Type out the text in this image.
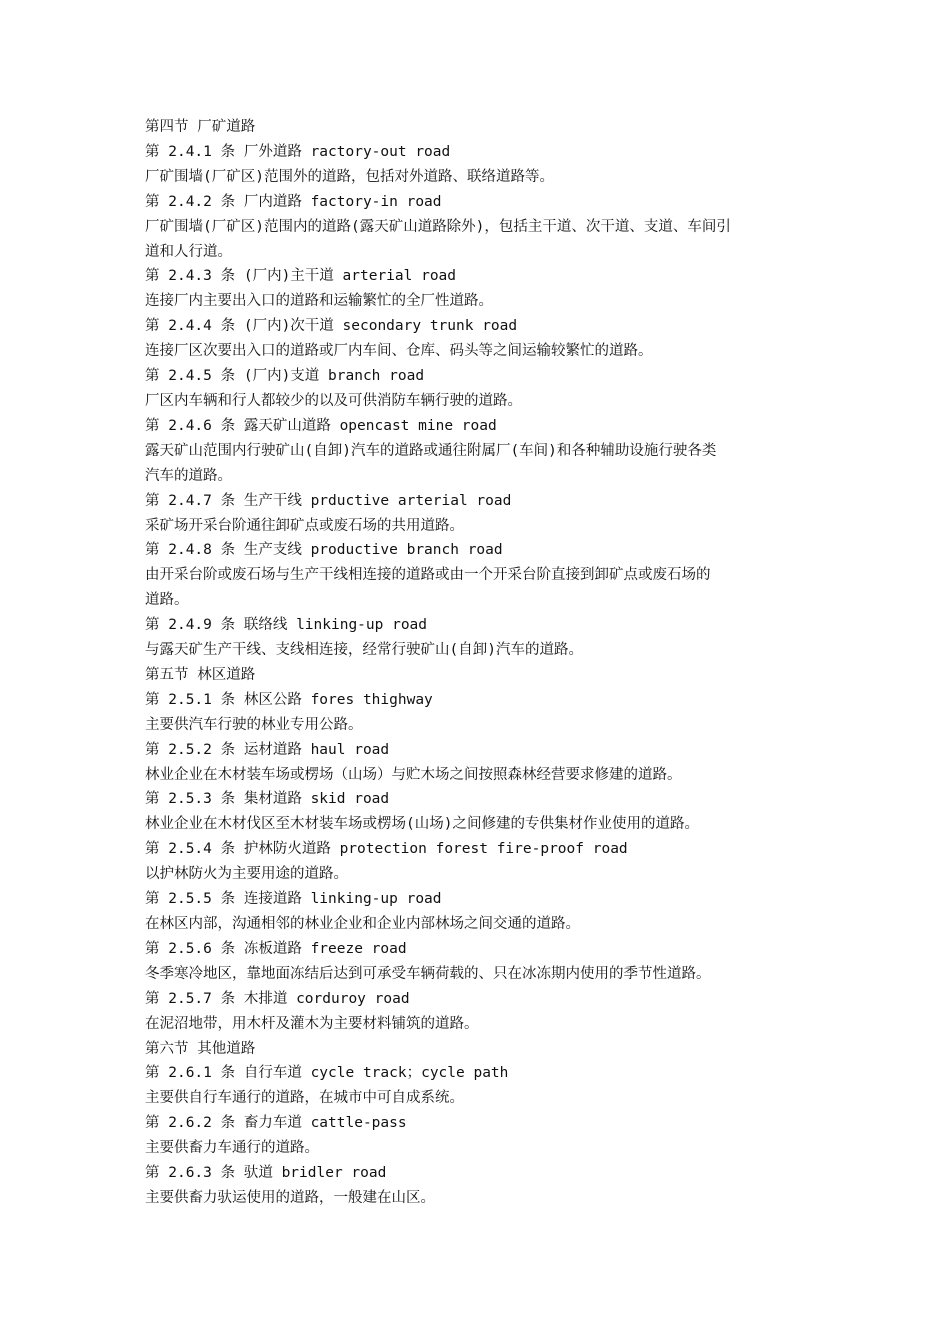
第四节 厂矿道路

第 2.4.1 条 厂外道路 ractory-out road

厂矿围墙(厂矿区)范围外的道路，包括对外道路、联络道路等。

第 2.4.2 条 厂内道路 factory-in road

厂矿围墙(厂矿区)范围内的道路(露天矿山道路除外)，包括主干道、次干道、支道、车间引

道和人行道。

第 2.4.3 条 (厂内)主干道 arterial road

连接厂内主要出入口的道路和运输繁忙的全厂性道路。

第 2.4.4 条 (厂内)次干道 secondary trunk road

连接厂区次要出入口的道路或厂内车间、仓库、码头等之间运输较繁忙的道路。

第 2.4.5 条 (厂内)支道 branch road

厂区内车辆和行人都较少的以及可供消防车辆行驶的道路。

第 2.4.6 条 露天矿山道路 opencast mine road

露天矿山范围内行驶矿山(自卸)汽车的道路或通往附属厂(车间)和各种辅助设施行驶各类

汽车的道路。

第 2.4.7 条 生产干线 prductive arterial road

采矿场开采台阶通往卸矿点或废石场的共用道路。

第 2.4.8 条 生产支线 productive branch road

由开采台阶或废石场与生产干线相连接的道路或由一个开采台阶直接到卸矿点或废石场的

道路。

第 2.4.9 条 联络线 linking-up road

与露天矿生产干线、支线相连接，经常行驶矿山(自卸)汽车的道路。

第五节 林区道路

第 2.5.1 条 林区公路 fores thighway

主要供汽车行驶的林业专用公路。

第 2.5.2 条 运材道路 haul road

林业企业在木材装车场或楞场（山场）与贮木场之间按照森林经营要求修建的道路。

第 2.5.3 条 集材道路 skid road

林业企业在木材伐区至木材装车场或楞场(山场)之间修建的专供集材作业使用的道路。

第 2.5.4 条 护林防火道路 protection forest fire-proof road

以护林防火为主要用途的道路。

第 2.5.5 条 连接道路 linking-up road

在林区内部，沟通相邻的林业企业和企业内部林场之间交通的道路。

第 2.5.6 条 冻板道路 freeze road

冬季寒冷地区，靠地面冻结后达到可承受车辆荷载的、只在冰冻期内使用的季节性道路。

第 2.5.7 条 木排道 corduroy road

在泥沼地带，用木杆及灌木为主要材料铺筑的道路。

第六节 其他道路

第 2.6.1 条 自行车道 cycle track；cycle path

主要供自行车通行的道路，在城市中可自成系统。

第 2.6.2 条 畜力车道 cattle-pass

主要供畜力车通行的道路。

第 2.6.3 条 驮道 bridler road

主要供畜力驮运使用的道路，一般建在山区。
